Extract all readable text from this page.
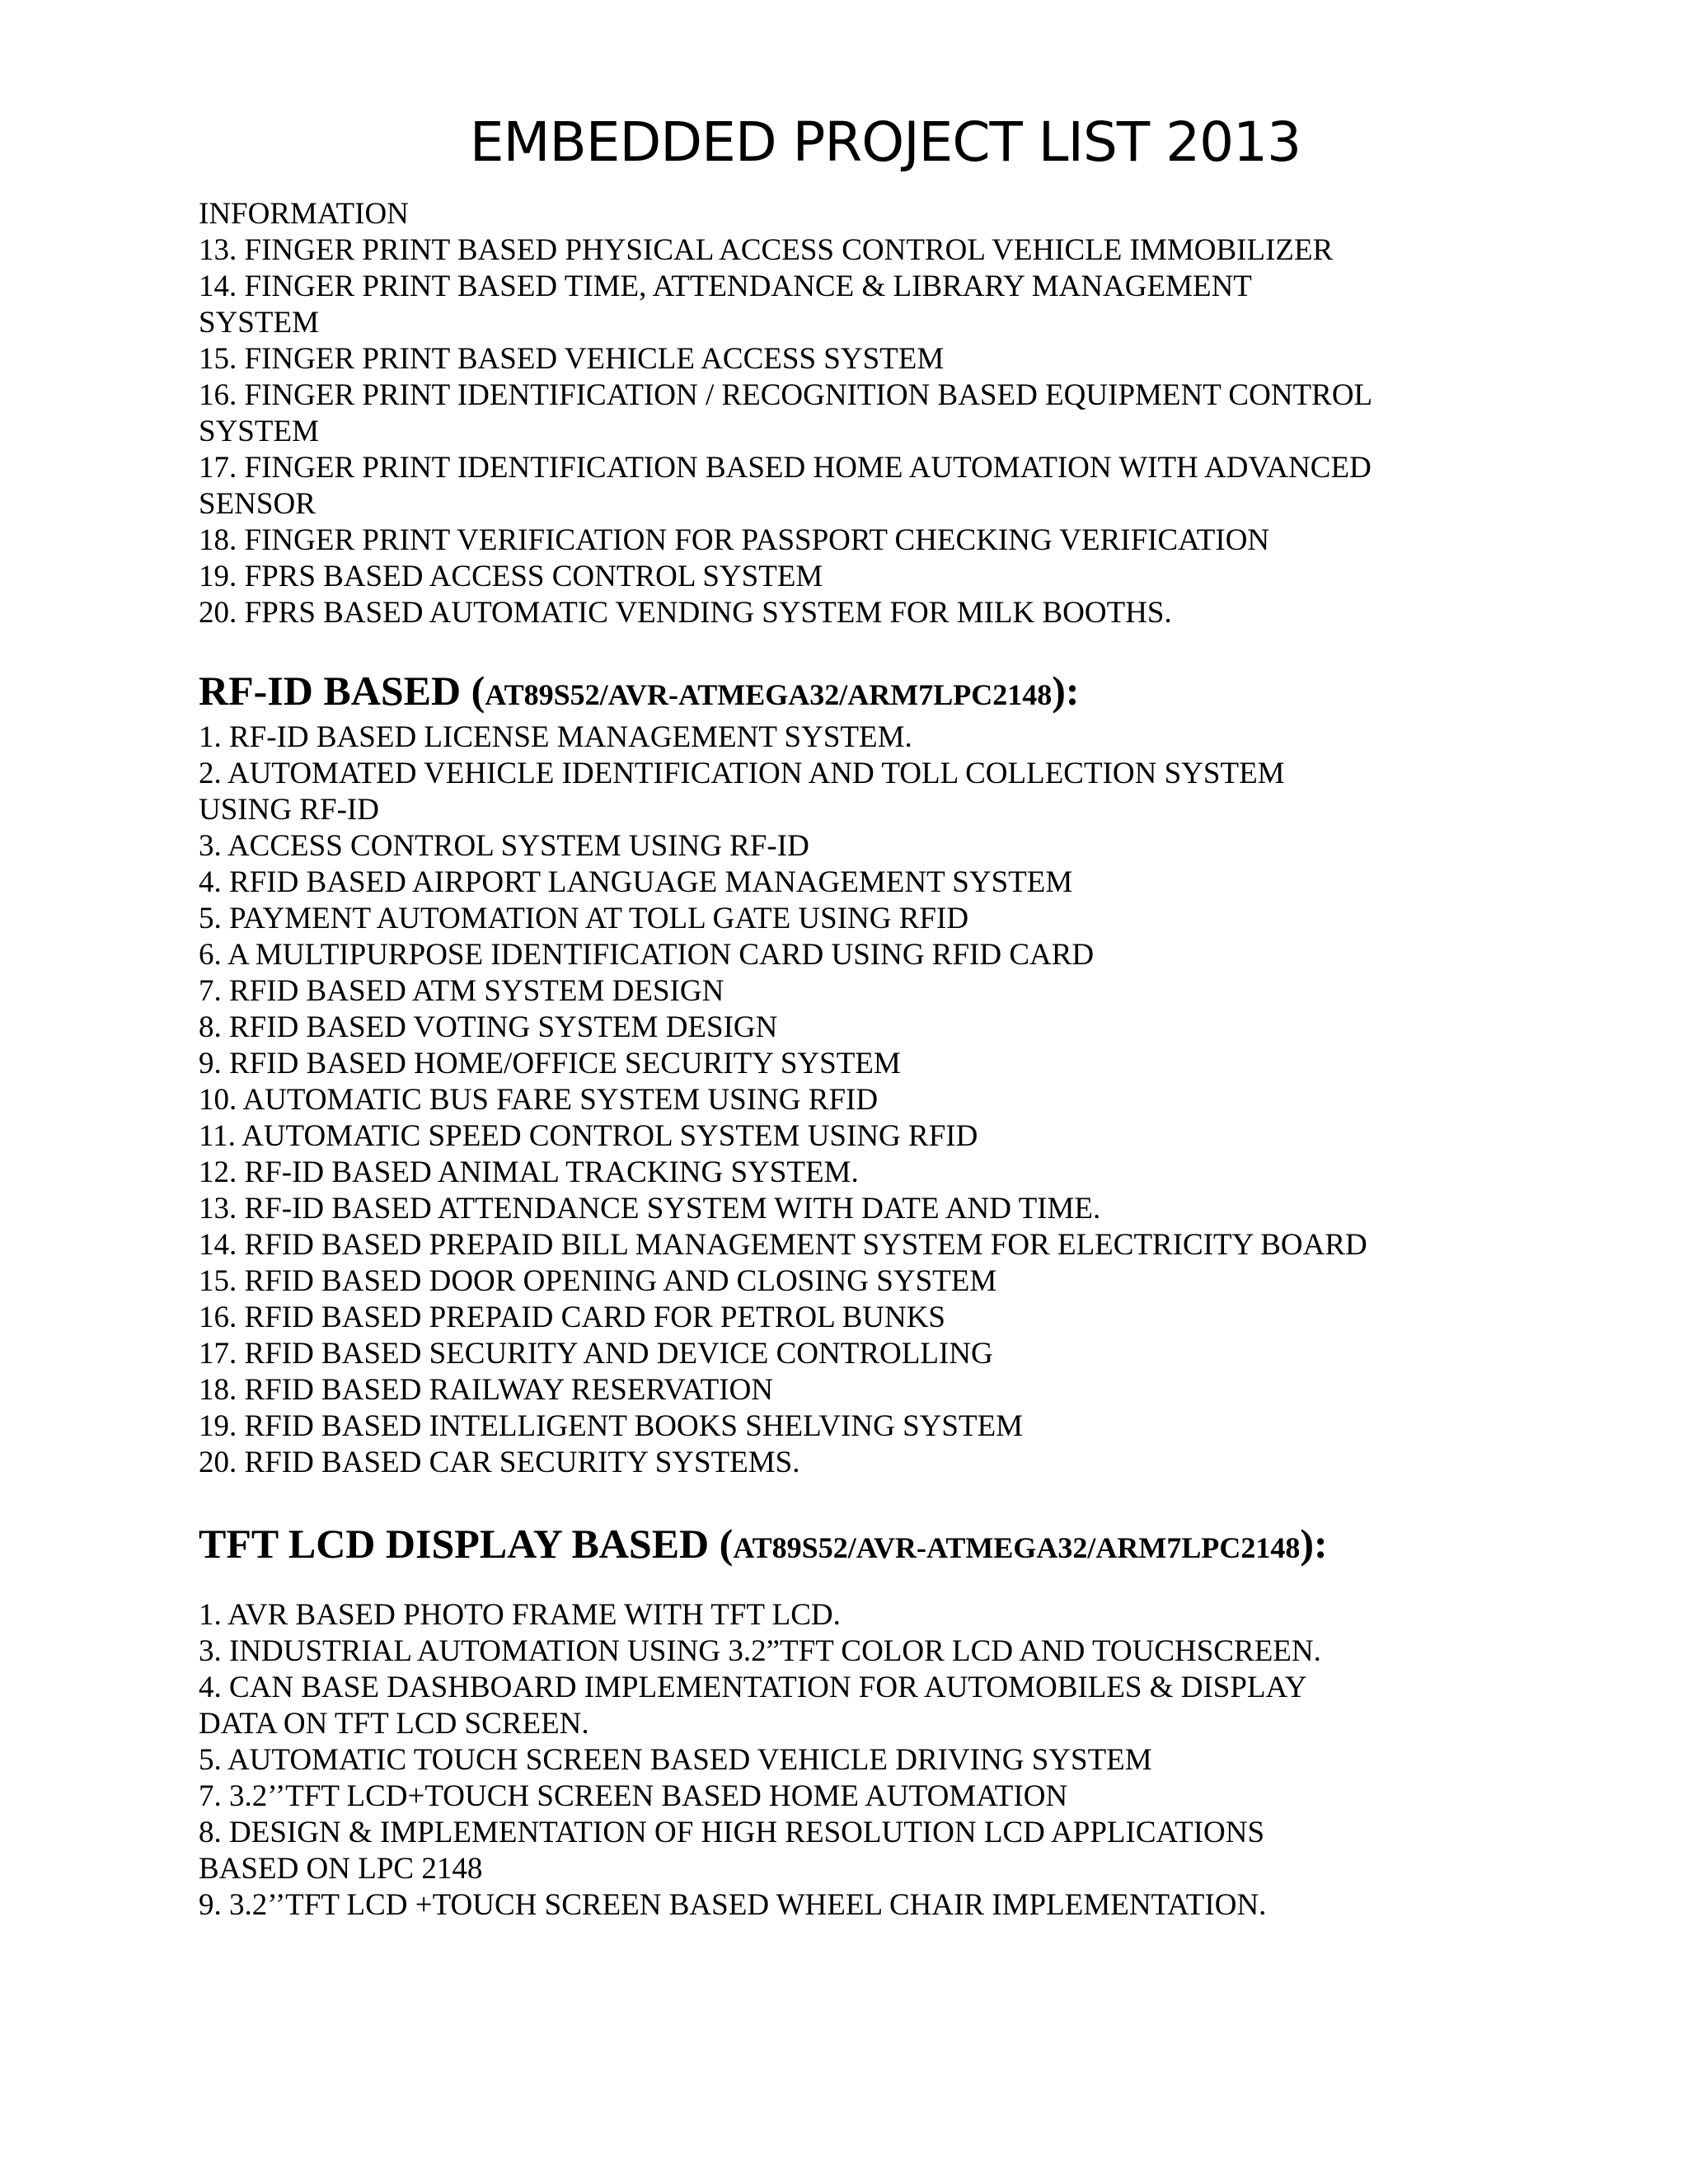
EMBEDDED PROJECT LIST 2013

INFORMATION

13. FINGER PRINT BASED PHYSICAL ACCESS CONTROL VEHICLE IMMOBILIZER

14. FINGER PRINT BASED TIME, ATTENDANCE & LIBRARY MANAGEMENT

SYSTEM

15. FINGER PRINT BASED VEHICLE ACCESS SYSTEM

16. FINGER PRINT IDENTIFICATION / RECOGNITION BASED EQUIPMENT CONTROL

SYSTEM

17. FINGER PRINT IDENTIFICATION BASED HOME AUTOMATION WITH ADVANCED

SENSOR

18. FINGER PRINT VERIFICATION FOR PASSPORT CHECKING VERIFICATION

19. FPRS BASED ACCESS CONTROL SYSTEM

20. FPRS BASED AUTOMATIC VENDING SYSTEM FOR MILK BOOTHS.

RF-ID BASED (AT89S52/AVR-ATMEGA32/ARM7LPC2148):

1. RF-ID BASED LICENSE MANAGEMENT SYSTEM.

2. AUTOMATED VEHICLE IDENTIFICATION AND TOLL COLLECTION SYSTEM

USING RF-ID

3. ACCESS CONTROL SYSTEM USING RF-ID

4. RFID BASED AIRPORT LANGUAGE MANAGEMENT SYSTEM

5. PAYMENT AUTOMATION AT TOLL GATE USING RFID

6. A MULTIPURPOSE IDENTIFICATION CARD USING RFID CARD

7. RFID BASED ATM SYSTEM DESIGN

8. RFID BASED VOTING SYSTEM DESIGN

9. RFID BASED HOME/OFFICE SECURITY SYSTEM

10. AUTOMATIC BUS FARE SYSTEM USING RFID

11. AUTOMATIC SPEED CONTROL SYSTEM USING RFID

12. RF-ID BASED ANIMAL TRACKING SYSTEM.

13. RF-ID BASED ATTENDANCE SYSTEM WITH DATE AND TIME.

14. RFID BASED PREPAID BILL MANAGEMENT SYSTEM FOR ELECTRICITY BOARD

15. RFID BASED DOOR OPENING AND CLOSING SYSTEM

16. RFID BASED PREPAID CARD FOR PETROL BUNKS

17. RFID BASED SECURITY AND DEVICE CONTROLLING

18. RFID BASED RAILWAY RESERVATION

19. RFID BASED INTELLIGENT BOOKS SHELVING SYSTEM

20. RFID BASED CAR SECURITY SYSTEMS.

TFT LCD DISPLAY BASED (AT89S52/AVR-ATMEGA32/ARM7LPC2148):

1. AVR BASED PHOTO FRAME WITH TFT LCD.

3. INDUSTRIAL AUTOMATION USING 3.2”TFT COLOR LCD AND TOUCHSCREEN.

4. CAN BASE DASHBOARD IMPLEMENTATION FOR AUTOMOBILES & DISPLAY

DATA ON TFT LCD SCREEN.

5. AUTOMATIC TOUCH SCREEN BASED VEHICLE DRIVING SYSTEM

7. 3.2’’TFT LCD+TOUCH SCREEN BASED HOME AUTOMATION

8. DESIGN & IMPLEMENTATION OF HIGH RESOLUTION LCD APPLICATIONS

BASED ON LPC 2148

9. 3.2’’TFT LCD +TOUCH SCREEN BASED WHEEL CHAIR IMPLEMENTATION.
